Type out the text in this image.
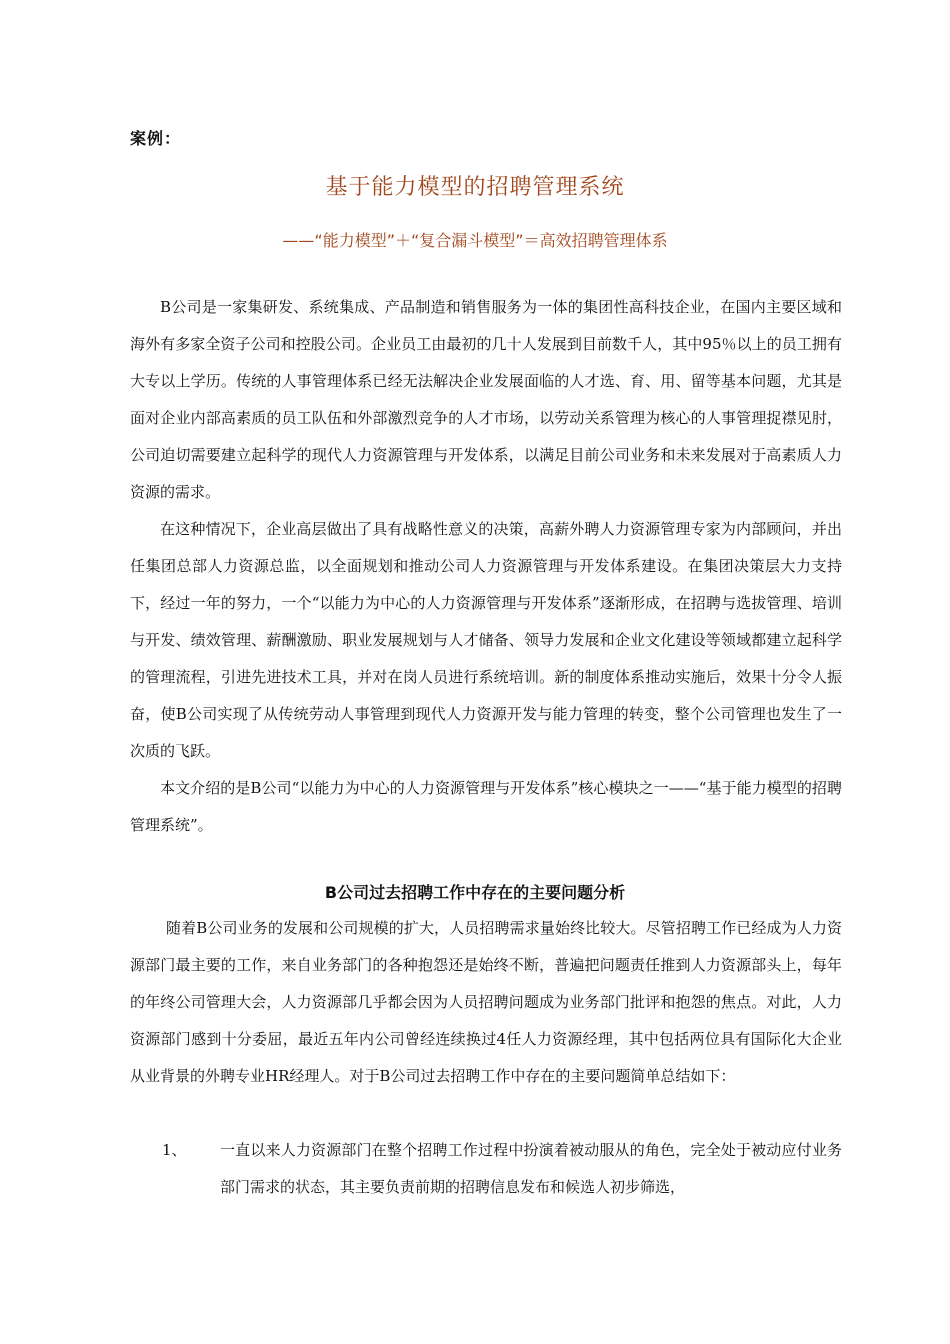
案例：
基于能力模型的招聘管理系统
——“能力模型”＋“复合漏斗模型”＝高效招聘管理体系

B公司是一家集研发、系统集成、产品制造和销售服务为一体的集团性高科技企业，在国内主要区域和海外有多家全资子公司和控股公司。企业员工由最初的几十人发展到目前数千人，其中95％以上的员工拥有大专以上学历。传统的人事管理体系已经无法解决企业发展面临的人才选、育、用、留等基本问题，尤其是面对企业内部高素质的员工队伍和外部激烈竞争的人才市场，以劳动关系管理为核心的人事管理捉襟见肘，公司迫切需要建立起科学的现代人力资源管理与开发体系，以满足目前公司业务和未来发展对于高素质人力资源的需求。

在这种情况下，企业高层做出了具有战略性意义的决策，高薪外聘人力资源管理专家为内部顾问，并出任集团总部人力资源总监，以全面规划和推动公司人力资源管理与开发体系建设。在集团决策层大力支持下，经过一年的努力，一个“以能力为中心的人力资源管理与开发体系”逐渐形成，在招聘与选拔管理、培训与开发、绩效管理、薪酬激励、职业发展规划与人才储备、领导力发展和企业文化建设等领域都建立起科学的管理流程，引进先进技术工具，并对在岗人员进行系统培训。新的制度体系推动实施后，效果十分令人振奋，使B公司实现了从传统劳动人事管理到现代人力资源开发与能力管理的转变，整个公司管理也发生了一次质的飞跃。

本文介绍的是B公司“以能力为中心的人力资源管理与开发体系”核心模块之一——“基于能力模型的招聘管理系统”。

B公司过去招聘工作中存在的主要问题分析

随着B公司业务的发展和公司规模的扩大，人员招聘需求量始终比较大。尽管招聘工作已经成为人力资源部门最主要的工作，来自业务部门的各种抱怨还是始终不断，普遍把问题责任推到人力资源部头上，每年的年终公司管理大会，人力资源部几乎都会因为人员招聘问题成为业务部门批评和抱怨的焦点。对此，人力资源部门感到十分委屈，最近五年内公司曾经连续换过4任人力资源经理，其中包括两位具有国际化大企业从业背景的外聘专业HR经理人。对于B公司过去招聘工作中存在的主要问题简单总结如下：

1、 一直以来人力资源部门在整个招聘工作过程中扮演着被动服从的角色，完全处于被动应付业务部门需求的状态，其主要负责前期的招聘信息发布和候选人初步筛选，
